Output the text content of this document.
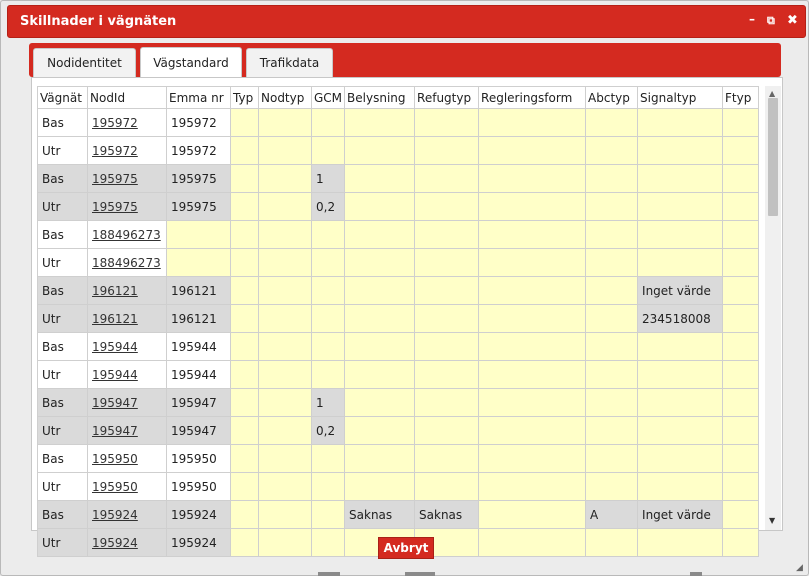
Skillnader i vägnäten	– ⧉ ✖
Nodidentitet	Vägstandard	Trafikdata
Vägnät	NodId	Emma nr	Typ	Nodtyp	GCM	Belysning	Refugtyp	Regleringsform	Abctyp	Signaltyp	Ftyp
Bas	195972	195972									
Utr	195972	195972									
Bas	195975	195975			1						
Utr	195975	195975			0,2						
Bas	188496273										
Utr	188496273										
Bas	196121	196121								Inget värde	
Utr	196121	196121								234518008	
Bas	195944	195944									
Utr	195944	195944									
Bas	195947	195947			1						
Utr	195947	195947			0,2						
Bas	195950	195950									
Utr	195950	195950									
Bas	195924	195924				Saknas	Saknas		A	Inget värde	
Utr	195924	195924									
▲
▼
Avbryt
◢
